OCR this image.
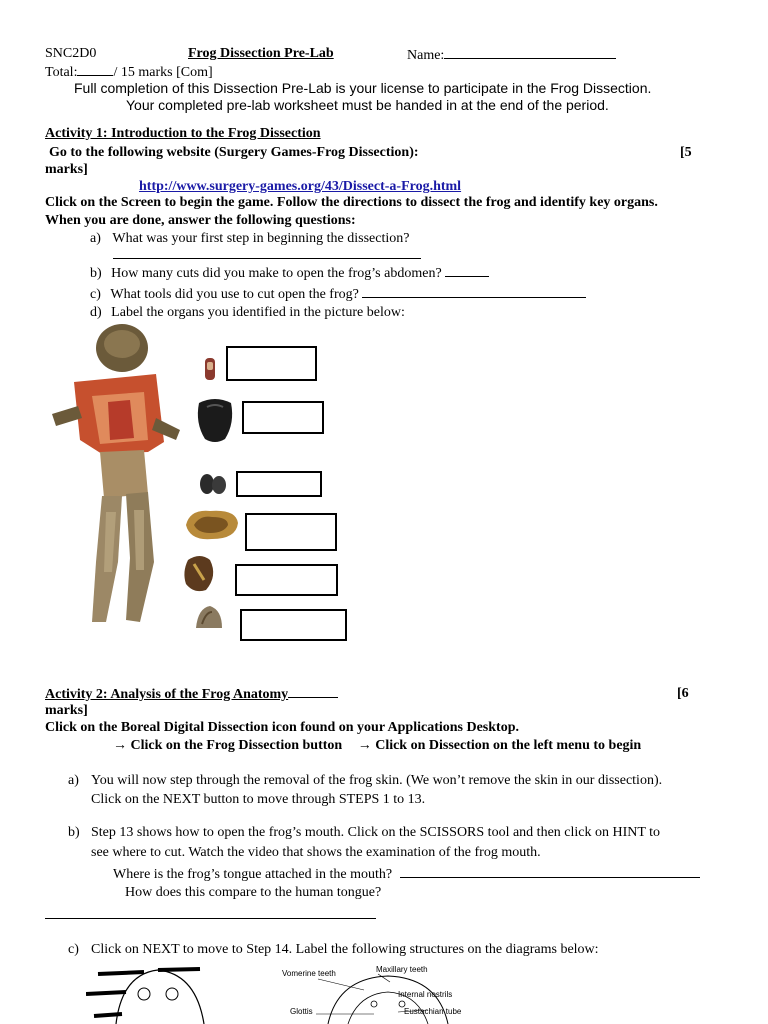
SNC2D0	Frog Dissection Pre-Lab	Name:
Total:	/ 15 marks [Com]
Full completion of this Dissection Pre-Lab is your license to participate in the Frog Dissection.
Your completed pre-lab worksheet must be handed in at the end of the period.
Activity 1: Introduction to the Frog Dissection
Go to the following website (Surgery Games-Frog Dissection):	[5
marks]
http://www.surgery-games.org/43/Dissect-a-Frog.html
Click on the Screen to begin the game. Follow the directions to dissect the frog and identify key organs.
When you are done, answer the following questions:
a) What was your first step in beginning the dissection?
b) How many cuts did you make to open the frog’s abdomen?
c) What tools did you use to cut open the frog?
d) Label the organs you identified in the picture below:
Activity 2: Analysis of the Frog Anatomy	[6
marks]
Click on the Boreal Digital Dissection icon found on your Applications Desktop.
→ Click on the Frog Dissection button → Click on Dissection on the left menu to begin
a) You will now step through the removal of the frog skin. (We won’t remove the skin in our dissection).
Click on the NEXT button to move through STEPS 1 to 13.
b) Step 13 shows how to open the frog’s mouth. Click on the SCISSORS tool and then click on HINT to
see where to cut. Watch the video that shows the examination of the frog mouth.
Where is the frog’s tongue attached in the mouth?
How does this compare to the human tongue?
c) Click on NEXT to move to Step 14. Label the following structures on the diagrams below:
Vomerine teeth	Maxillary teeth
Internal nostrils
Glottis	Eustachian tube
